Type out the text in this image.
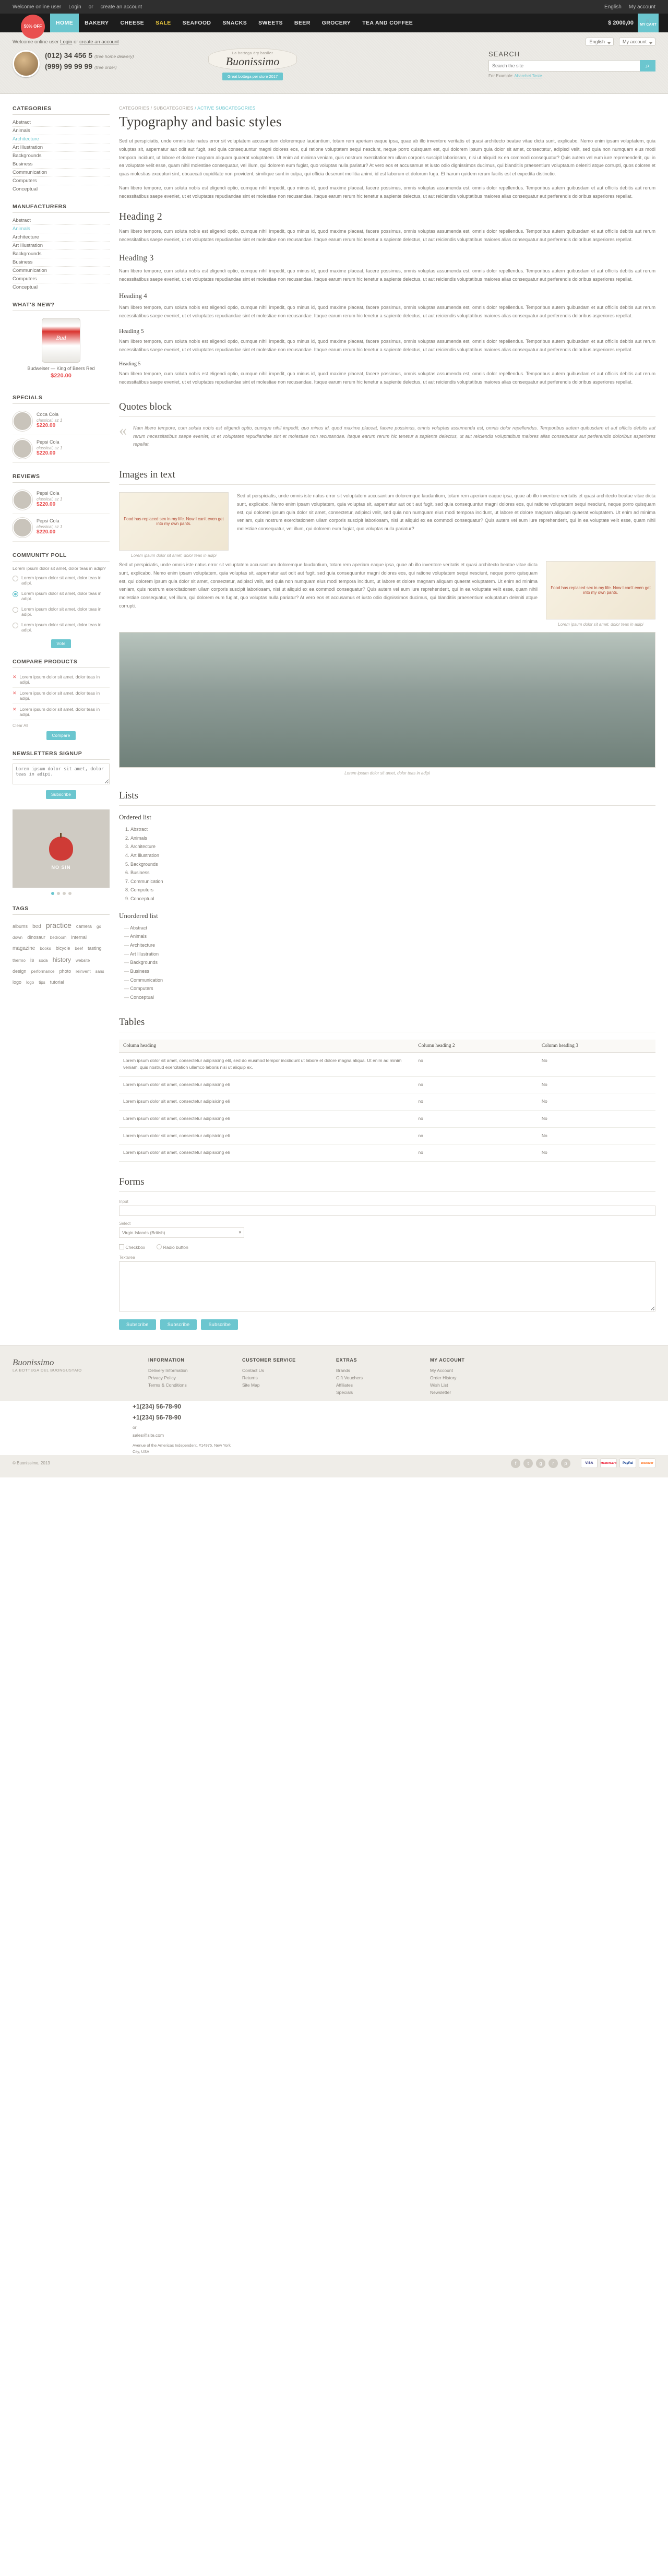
Welcome online user Login or create an account	English My account
50% OFF
HOME BAKERY CHEESE SALE SEAFOOD SNACKS SWEETS BEER GROCERY TEA AND COFFEE	$ 2000,00	🛒
MY CART
Welcome online user
Login
or
create an account	English	My account
(012) 34 456 5 (free home delivery)
(999) 99 99 99 (free order)
La bottega dry basiler
Buonissimo
Great bottega per store 2017
SEARCH
Search the site
⌕
For Example: Abarchet Taste
CATEGORIES
Abstract
Animals
Architecture
Art Illustration
Backgrounds
Business
Communication
Computers
Conceptual
MANUFACTURERS
Abstract
Animals
Architecture
Art Illustration
Backgrounds
Business
Communication
Computers
Conceptual
WHAT'S NEW?
Bud
Budweiser — King of Beers Red
$220.00
SPECIALS
Coca Cola
classical, sz 1
$220.00
Pepsi Cola
classical, sz 1
$220.00
REVIEWS
Pepsi Cola
classical, sz 1
$220.00
Pepsi Cola
classical, sz 1
$220.00
COMMUNITY POLL
Lorem ipsum dolor sit amet, dolor teas in adipi?
Lorem ipsum dolor sit amet, dolor teas in adipi.
Lorem ipsum dolor sit amet, dolor teas in adipi.
Lorem ipsum dolor sit amet, dolor teas in adipi.
Lorem ipsum dolor sit amet, dolor teas in adipi.
Vote
COMPARE PRODUCTS
✕ Lorem ipsum dolor sit amet, dolor teas in adipi.
✕ Lorem ipsum dolor sit amet, dolor teas in adipi.
✕ Lorem ipsum dolor sit amet, dolor teas in adipi.
Clear All
Compare
NEWSLETTERS SIGNUP
Lorem ipsum dolor sit amet, dolor teas in adipi.
Subscribe
NO SIN
TAGS
albums bed practice camera go down dinosaur bedroom internal magazine books bicycle beef tasting thermo is soda history website design performance photo reinvent sans logo logo tips tutorial
CATEGORIES / SUBCATEGORIES / ACTIVE SUBCATEGORIES
Typography and basic styles

Sed ut perspiciatis, unde omnis iste natus error sit voluptatem accusantium doloremque laudantium, totam rem aperiam eaque ipsa, quae ab illo inventore veritatis et quasi architecto beatae vitae dicta sunt, explicabo. Nemo enim ipsam voluptatem, quia voluptas sit, aspernatur aut odit aut fugit, sed quia consequuntur magni dolores eos, qui ratione voluptatem sequi nesciunt, neque porro quisquam est, qui dolorem ipsum quia dolor sit amet, consectetur, adipisci velit, sed quia non numquam eius modi tempora incidunt, ut labore et dolore magnam aliquam quaerat voluptatem. Ut enim ad minima veniam, quis nostrum exercitationem ullam corporis suscipit laboriosam, nisi ut aliquid ex ea commodi consequatur? Quis autem vel eum iure reprehenderit, qui in ea voluptate velit esse, quam nihil molestiae consequatur, vel illum, qui dolorem eum fugiat, quo voluptas nulla pariatur? At vero eos et accusamus et iusto odio dignissimos ducimus, qui blanditiis praesentium voluptatum deleniti atque corrupti, quos dolores et quas molestias excepturi sint, obcaecati cupiditate non provident, similique sunt in culpa, qui officia deserunt mollitia animi, id est laborum et dolorum fuga. Et harum quidem rerum facilis est et expedita distinctio.

Nam libero tempore, cum soluta nobis est eligendi optio, cumque nihil impedit, quo minus id, quod maxime placeat, facere possimus, omnis voluptas assumenda est, omnis dolor repellendus. Temporibus autem quibusdam et aut officiis debitis aut rerum necessitatibus saepe eveniet, ut et voluptates repudiandae sint et molestiae non recusandae. Itaque earum rerum hic tenetur a sapiente delectus, ut aut reiciendis voluptatibus maiores alias consequatur aut perferendis doloribus asperiores repellat.

Heading 2

Nam libero tempore, cum soluta nobis est eligendi optio, cumque nihil impedit, quo minus id, quod maxime placeat, facere possimus, omnis voluptas assumenda est, omnis dolor repellendus. Temporibus autem quibusdam et aut officiis debitis aut rerum necessitatibus saepe eveniet, ut et voluptates repudiandae sint et molestiae non recusandae. Itaque earum rerum hic tenetur a sapiente delectus, ut aut reiciendis voluptatibus maiores alias consequatur aut perferendis doloribus asperiores repellat.

Heading 3

Nam libero tempore, cum soluta nobis est eligendi optio, cumque nihil impedit, quo minus id, quod maxime placeat, facere possimus, omnis voluptas assumenda est, omnis dolor repellendus. Temporibus autem quibusdam et aut officiis debitis aut rerum necessitatibus saepe eveniet, ut et voluptates repudiandae sint et molestiae non recusandae. Itaque earum rerum hic tenetur a sapiente delectus, ut aut reiciendis voluptatibus maiores alias consequatur aut perferendis doloribus asperiores repellat.

Heading 4

Nam libero tempore, cum soluta nobis est eligendi optio, cumque nihil impedit, quo minus id, quod maxime placeat, facere possimus, omnis voluptas assumenda est, omnis dolor repellendus. Temporibus autem quibusdam et aut officiis debitis aut rerum necessitatibus saepe eveniet, ut et voluptates repudiandae sint et molestiae non recusandae. Itaque earum rerum hic tenetur a sapiente delectus, ut aut reiciendis voluptatibus maiores alias consequatur aut perferendis doloribus asperiores repellat.

Heading 5

Nam libero tempore, cum soluta nobis est eligendi optio, cumque nihil impedit, quo minus id, quod maxime placeat, facere possimus, omnis voluptas assumenda est, omnis dolor repellendus. Temporibus autem quibusdam et aut officiis debitis aut rerum necessitatibus saepe eveniet, ut et voluptates repudiandae sint et molestiae non recusandae. Itaque earum rerum hic tenetur a sapiente delectus, ut aut reiciendis voluptatibus maiores alias consequatur aut perferendis doloribus asperiores repellat.

Heading 5

Nam libero tempore, cum soluta nobis est eligendi optio, cumque nihil impedit, quo minus id, quod maxime placeat, facere possimus, omnis voluptas assumenda est, omnis dolor repellendus. Temporibus autem quibusdam et aut officiis debitis aut rerum necessitatibus saepe eveniet, ut et voluptates repudiandae sint et molestiae non recusandae. Itaque earum rerum hic tenetur a sapiente delectus, ut aut reiciendis voluptatibus maiores alias consequatur aut perferendis doloribus asperiores repellat.

Quotes block
« Nam libero tempore, cum soluta nobis est eligendi optio, cumque nihil impedit, quo minus id, quod maxime placeat, facere possimus, omnis voluptas assumenda est, omnis dolor repellendus. Temporibus autem quibusdam et aut officiis debitis aut rerum necessitatibus saepe eveniet, ut et voluptates repudiandae sint et molestiae non recusandae. Itaque earum rerum hic tenetur a sapiente delectus, ut aut reiciendis voluptatibus maiores alias consequatur aut perferendis doloribus asperiores repellat.

Images in text
Food has replaced sex in my life. Now I can't even get into my own pants.
Lorem ipsum dolor sit amet, dolor teas in adipi

Sed ut perspiciatis, unde omnis iste natus error sit voluptatem accusantium doloremque laudantium, totam rem aperiam eaque ipsa, quae ab illo inventore veritatis et quasi architecto beatae vitae dicta sunt, explicabo. Nemo enim ipsam voluptatem, quia voluptas sit, aspernatur aut odit aut fugit, sed quia consequuntur magni dolores eos, qui ratione voluptatem sequi nesciunt, neque porro quisquam est, qui dolorem ipsum quia dolor sit amet, consectetur, adipisci velit, sed quia non numquam eius modi tempora incidunt, ut labore et dolore magnam aliquam quaerat voluptatem. Ut enim ad minima veniam, quis nostrum exercitationem ullam corporis suscipit laboriosam, nisi ut aliquid ex ea commodi consequatur? Quis autem vel eum iure reprehenderit, qui in ea voluptate velit esse, quam nihil molestiae consequatur, vel illum, qui dolorem eum fugiat, quo voluptas nulla pariatur?

Sed ut perspiciatis, unde omnis iste natus error sit voluptatem accusantium doloremque laudantium, totam rem aperiam eaque ipsa, quae ab illo inventore veritatis et quasi architecto beatae vitae dicta sunt, explicabo. Nemo enim ipsam voluptatem, quia voluptas sit, aspernatur aut odit aut fugit, sed quia consequuntur magni dolores eos, qui ratione voluptatem sequi nesciunt, neque porro quisquam est, qui dolorem ipsum quia dolor sit amet, consectetur, adipisci velit, sed quia non numquam eius modi tempora incidunt, ut labore et dolore magnam aliquam quaerat voluptatem. Ut enim ad minima veniam, quis nostrum exercitationem ullam corporis suscipit laboriosam, nisi ut aliquid ex ea commodi consequatur? Quis autem vel eum iure reprehenderit, qui in ea voluptate velit esse, quam nihil molestiae consequatur, vel illum, qui dolorem eum fugiat, quo voluptas nulla pariatur? At vero eos et accusamus et iusto odio dignissimos ducimus, qui blanditiis praesentium voluptatum deleniti atque corrupti.

Food has replaced sex in my life. Now I can't even get into my own pants.
Lorem ipsum dolor sit amet, dolor teas in adipi
Lorem ipsum dolor sit amet, dolor teas in adipi
Lists
Ordered list
1. Abstract
2. Animals
3. Architecture
4. Art Illustration
5. Backgrounds
6. Business
7. Communication
8. Computers
9. Conceptual
Unordered list
— Abstract
— Animals
— Architecture
— Art Illustration
— Backgrounds
— Business
— Communication
— Computers
— Conceptual
Tables
Column heading	Column heading 2	Column heading 3
Lorem ipsum dolor sit amet, consectetur adipisicing elit, sed do eiusmod tempor incididunt ut labore et dolore magna aliqua. Ut enim ad minim veniam, quis nostrud exercitation ullamco laboris nisi ut aliquip ex.	no	No
Lorem ipsum dolor sit amet, consectetur adipisicing eli	no	No
Lorem ipsum dolor sit amet, consectetur adipisicing eli	no	No
Lorem ipsum dolor sit amet, consectetur adipisicing eli	no	No
Lorem ipsum dolor sit amet, consectetur adipisicing eli	no	No
Lorem ipsum dolor sit amet, consectetur adipisicing eli	no	No
Forms
Input
Select
Virgin Islands (British)	▾
Checkbox	Radio button
Textarea
Subscribe	Subscribe	Subscribe
Buonissimo
LA BOTTEGA DEL BUONGUSTAIO
INFORMATION
Delivery Information
Privacy Policy
Terms & Conditions
CUSTOMER SERVICE
Contact Us
Returns
Site Map
EXTRAS
Brands
Gift Vouchers
Affiliates
Specials
MY ACCOUNT
My Account
Order History
Wish List
Newsletter
+1(234) 56-78-90
+1(234) 56-78-90
or
sales@site.com
Avenue of the Americas Independent, #14975, New York City, USA
© Buonissimo, 2013	f	t	g	r	p	VISA	MasterCard	PayPal	Discover
